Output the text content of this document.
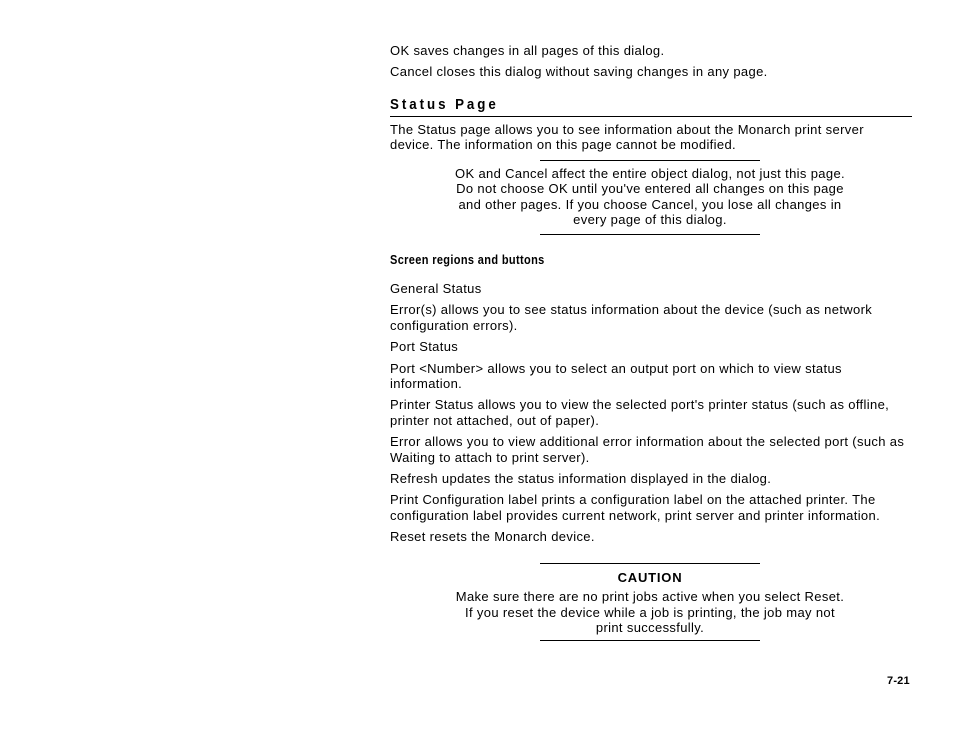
OK saves changes in all pages of this dialog.

Cancel closes this dialog without saving changes in any page.

Status Page

The Status page allows you to see information about the Monarch print server device. The information on this page cannot be modified.

OK and Cancel affect the entire object dialog, not just this page. Do not choose OK until you've entered all changes on this page and other pages. If you choose Cancel, you lose all changes in every page of this dialog.
Screen regions and buttons

General Status

Error(s) allows you to see status information about the device (such as network configuration errors).

Port Status

Port <Number> allows you to select an output port on which to view status information.

Printer Status allows you to view the selected port's printer status (such as offline, printer not attached, out of paper).

Error allows you to view additional error information about the selected port (such as Waiting to attach to print server).

Refresh updates the status information displayed in the dialog.

Print Configuration label prints a configuration label on the attached printer. The configuration label provides current network, print server and printer information.

Reset resets the Monarch device.

CAUTION
Make sure there are no print jobs active when you select Reset. If you reset the device while a job is printing, the job may not print successfully.
7-21
